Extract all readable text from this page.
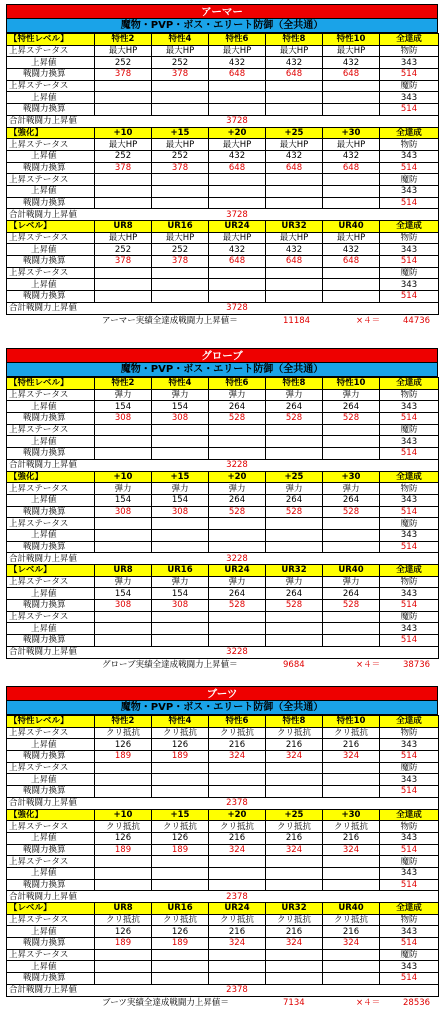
アーマー
魔物・PVP・ボス・エリート防御（全共通）
【特性レベル】	特性2	特性4	特性6	特性8	特性10	全達成
上昇ステータス	最大HP	最大HP	最大HP	最大HP	最大HP	物防
上昇値	252	252	432	432	432	343
戦闘力換算	378	378	648	648	648	514
上昇ステータス						魔防
上昇値						343
戦闘力換算						514
合計戦闘力上昇値	3728					
【強化】	+10	+15	+20	+25	+30	全達成
上昇ステータス	最大HP	最大HP	最大HP	最大HP	最大HP	物防
上昇値	252	252	432	432	432	343
戦闘力換算	378	378	648	648	648	514
上昇ステータス						魔防
上昇値						343
戦闘力換算						514
合計戦闘力上昇値	3728					
【レベル】	UR8	UR16	UR24	UR32	UR40	全達成
上昇ステータス	最大HP	最大HP	最大HP	最大HP	最大HP	物防
上昇値	252	252	432	432	432	343
戦闘力換算	378	378	648	648	648	514
上昇ステータス						魔防
上昇値						343
戦闘力換算						514
合計戦闘力上昇値	3728					
アーマー実績全達成戦闘力上昇値＝	11184	×４＝	44736
グローブ
魔物・PVP・ボス・エリート防御（全共通）
【特性レベル】	特性2	特性4	特性6	特性8	特性10	全達成
上昇ステータス	弾力	弾力	弾力	弾力	弾力	物防
上昇値	154	154	264	264	264	343
戦闘力換算	308	308	528	528	528	514
上昇ステータス						魔防
上昇値						343
戦闘力換算						514
合計戦闘力上昇値	3228					
【強化】	+10	+15	+20	+25	+30	全達成
上昇ステータス	弾力	弾力	弾力	弾力	弾力	物防
上昇値	154	154	264	264	264	343
戦闘力換算	308	308	528	528	528	514
上昇ステータス						魔防
上昇値						343
戦闘力換算						514
合計戦闘力上昇値	3228					
【レベル】	UR8	UR16	UR24	UR32	UR40	全達成
上昇ステータス	弾力	弾力	弾力	弾力	弾力	物防
上昇値	154	154	264	264	264	343
戦闘力換算	308	308	528	528	528	514
上昇ステータス						魔防
上昇値						343
戦闘力換算						514
合計戦闘力上昇値	3228					
グローブ実績全達成戦闘力上昇値＝	9684	×４＝	38736
ブーツ
魔物・PVP・ボス・エリート防御（全共通）
【特性レベル】	特性2	特性4	特性6	特性8	特性10	全達成
上昇ステータス	クリ抵抗	クリ抵抗	クリ抵抗	クリ抵抗	クリ抵抗	物防
上昇値	126	126	216	216	216	343
戦闘力換算	189	189	324	324	324	514
上昇ステータス						魔防
上昇値						343
戦闘力換算						514
合計戦闘力上昇値	2378					
【強化】	+10	+15	+20	+25	+30	全達成
上昇ステータス	クリ抵抗	クリ抵抗	クリ抵抗	クリ抵抗	クリ抵抗	物防
上昇値	126	126	216	216	216	343
戦闘力換算	189	189	324	324	324	514
上昇ステータス						魔防
上昇値						343
戦闘力換算						514
合計戦闘力上昇値	2378					
【レベル】	UR8	UR16	UR24	UR32	UR40	全達成
上昇ステータス	クリ抵抗	クリ抵抗	クリ抵抗	クリ抵抗	クリ抵抗	物防
上昇値	126	126	216	216	216	343
戦闘力換算	189	189	324	324	324	514
上昇ステータス						魔防
上昇値						343
戦闘力換算						514
合計戦闘力上昇値	2378					
ブーツ実績全達成戦闘力上昇値＝	7134	×４＝	28536
